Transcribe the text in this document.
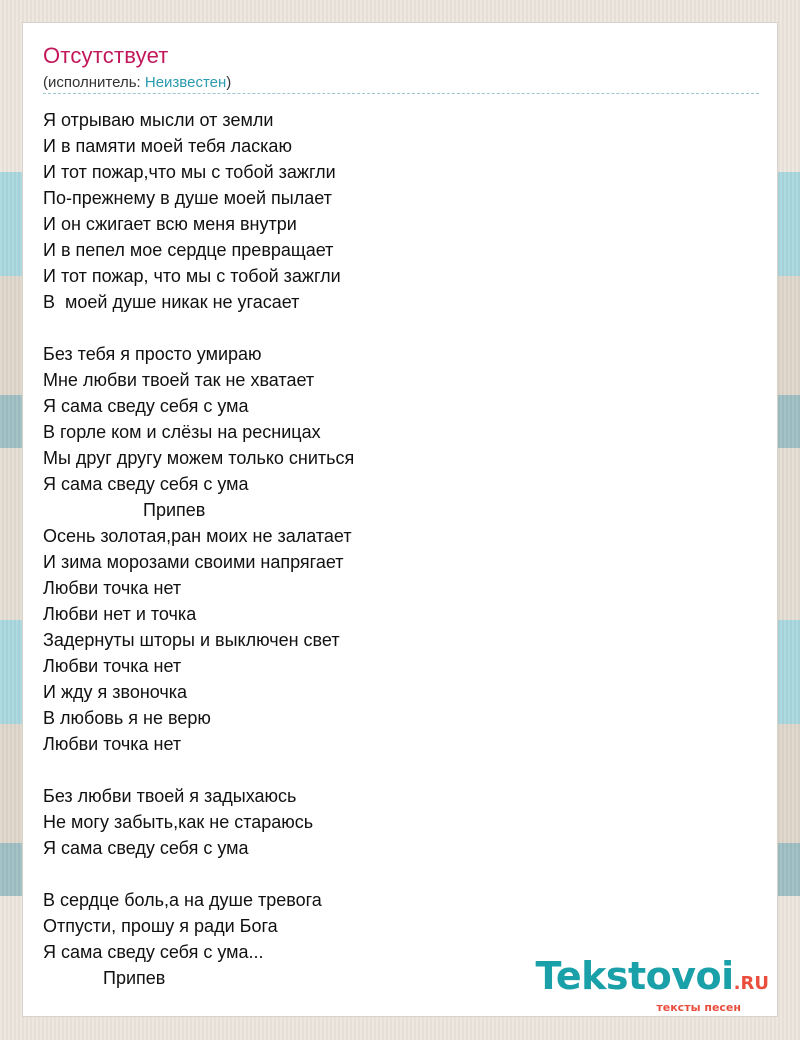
Отсутствует
(исполнитель: Неизвестен)
Я отрываю мысли от земли
И в памяти моей тебя ласкаю
И тот пожар,что мы с тобой зажгли
По-прежнему в душе моей пылает
И он сжигает всю меня внутри
И в пепел мое сердце превращает
И тот пожар, что мы с тобой зажгли
В  моей душе никак не угасает

Без тебя я просто умираю
Мне любви твоей так не хватает
Я сама сведу себя с ума
В горле ком и слёзы на ресницах
Мы друг другу можем только сниться
Я сама сведу себя с ума
Припев
Осень золотая,ран моих не залатает
И зима морозами своими напрягает
Любви точка нет
Любви нет и точка
Задернуты шторы и выключен свет
Любви точка нет
И жду я звоночка
В любовь я не верю
Любви точка нет

Без любви твоей я задыхаюсь
Не могу забыть,как не стараюсь
Я сама сведу себя с ума

В сердце боль,а на душе тревога
Отпусти, прошу я ради Бога
Я сама сведу себя с ума...
Припев	Tekstovoi.RU
тексты песен
